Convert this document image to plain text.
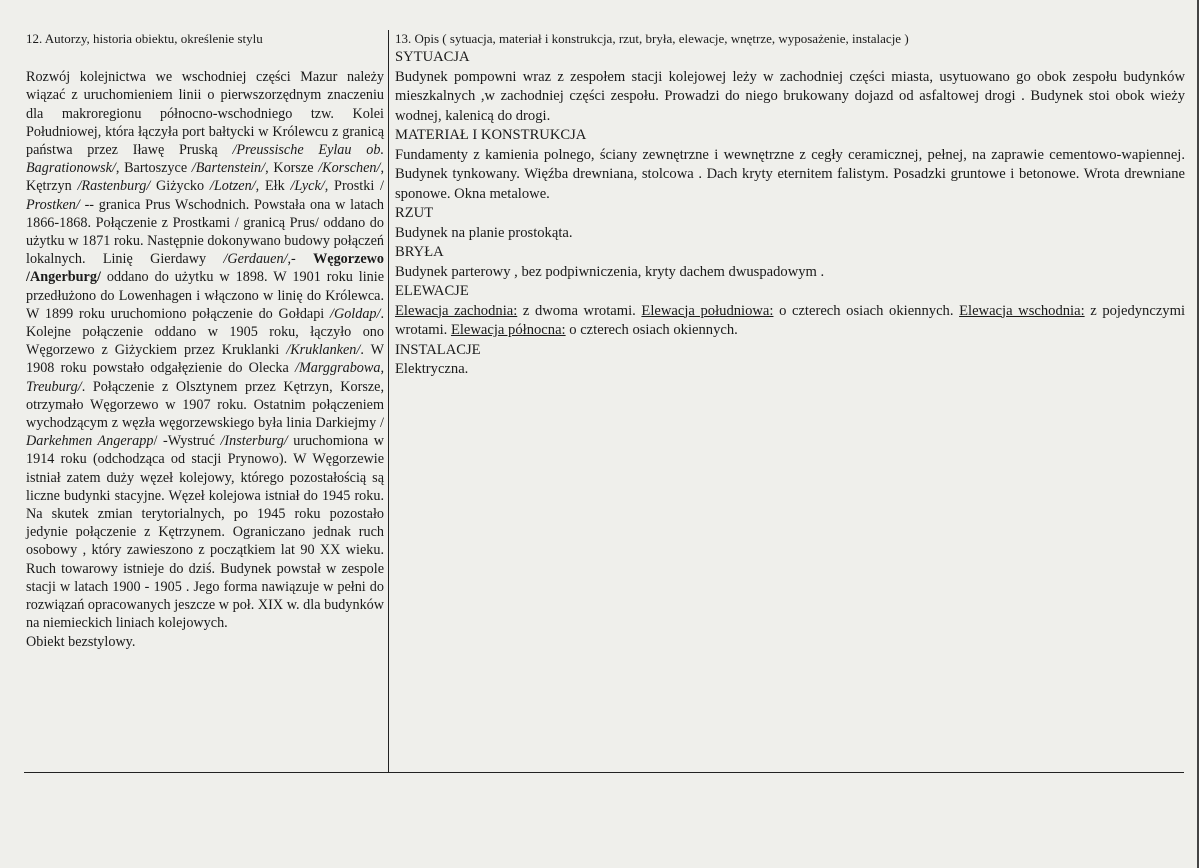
12. Autorzy, historia obiektu, określenie stylu

Rozwój kolejnictwa we wschodniej części Mazur należy wiązać z uruchomieniem linii o pierwszorzędnym znaczeniu dla makroregionu północno-wschodniego tzw. Kolei Południowej, która łączyła port bałtycki w Królewcu z granicą państwa przez Iławę Pruską /Preussische Eylau ob. Bagrationowsk/, Bartoszyce /Bartenstein/, Korsze /Korschen/, Kętrzyn /Rastenburg/ Giżycko /Lotzen/, Ełk /Lyck/, Prostki / Prostken/ -- granica Prus Wschodnich. Powstała ona w latach 1866-1868. Połączenie z Prostkami / granicą Prus/ oddano do użytku w 1871 roku. Następnie dokonywano budowy połączeń lokalnych. Linię Gierdawy /Gerdauen/,- Węgorzewo /Angerburg/ oddano do użytku w 1898. W 1901 roku linie przedłużono do Lowenhagen i włączono w linię do Królewca. W 1899 roku uruchomiono połączenie do Gołdapi /Goldap/. Kolejne połączenie oddano w 1905 roku, łączyło ono Węgorzewo z Giżyckiem przez Kruklanki /Kruklanken/. W 1908 roku powstało odgałęzienie do Olecka /Marggrabowa, Treuburg/. Połączenie z Olsztynem przez Kętrzyn, Korsze, otrzymało Węgorzewo w 1907 roku. Ostatnim połączeniem wychodzącym z węzła węgorzewskiego była linia Darkiejmy / Darkehmen Angerapp/ -Wystruć /Insterburg/ uruchomiona w 1914 roku (odchodząca od stacji Prynowo). W Węgorzewie istniał zatem duży węzeł kolejowy, którego pozostałością są liczne budynki stacyjne. Węzeł kolejowa istniał do 1945 roku. Na skutek zmian terytorialnych, po 1945 roku pozostało jedynie połączenie z Kętrzynem. Ograniczano jednak ruch osobowy , który zawieszono z początkiem lat 90 XX wieku. Ruch towarowy istnieje do dziś. Budynek powstał w zespole stacji w latach 1900 - 1905 . Jego forma nawiązuje w pełni do rozwiązań opracowanych jeszcze w poł. XIX w. dla budynków na niemieckich liniach kolejowych.

Obiekt bezstylowy.

13. Opis ( sytuacja, materiał i konstrukcja, rzut, bryła, elewacje, wnętrze, wyposażenie, instalacje )
SYTUACJA
Budynek pompowni wraz z zespołem stacji kolejowej leży w zachodniej części miasta, usytuowano go obok zespołu budynków mieszkalnych ,w zachodniej części zespołu. Prowadzi do niego brukowany dojazd od asfaltowej drogi . Budynek stoi obok wieży wodnej, kalenicą do drogi.
MATERIAŁ I KONSTRUKCJA
Fundamenty z kamienia polnego, ściany zewnętrzne i wewnętrzne z cegły ceramicznej, pełnej, na zaprawie cementowo-wapiennej. Budynek tynkowany. Więźba drewniana, stolcowa . Dach kryty eternitem falistym. Posadzki gruntowe i betonowe. Wrota drewniane sponowe. Okna metalowe.
RZUT
Budynek na planie prostokąta.
BRYŁA
Budynek parterowy , bez podpiwniczenia, kryty dachem dwuspadowym .
ELEWACJE
Elewacja zachodnia: z dwoma wrotami. Elewacja południowa: o czterech osiach okiennych. Elewacja wschodnia: z pojedynczymi wrotami. Elewacja północna: o czterech osiach okiennych.
INSTALACJE
Elektryczna.
